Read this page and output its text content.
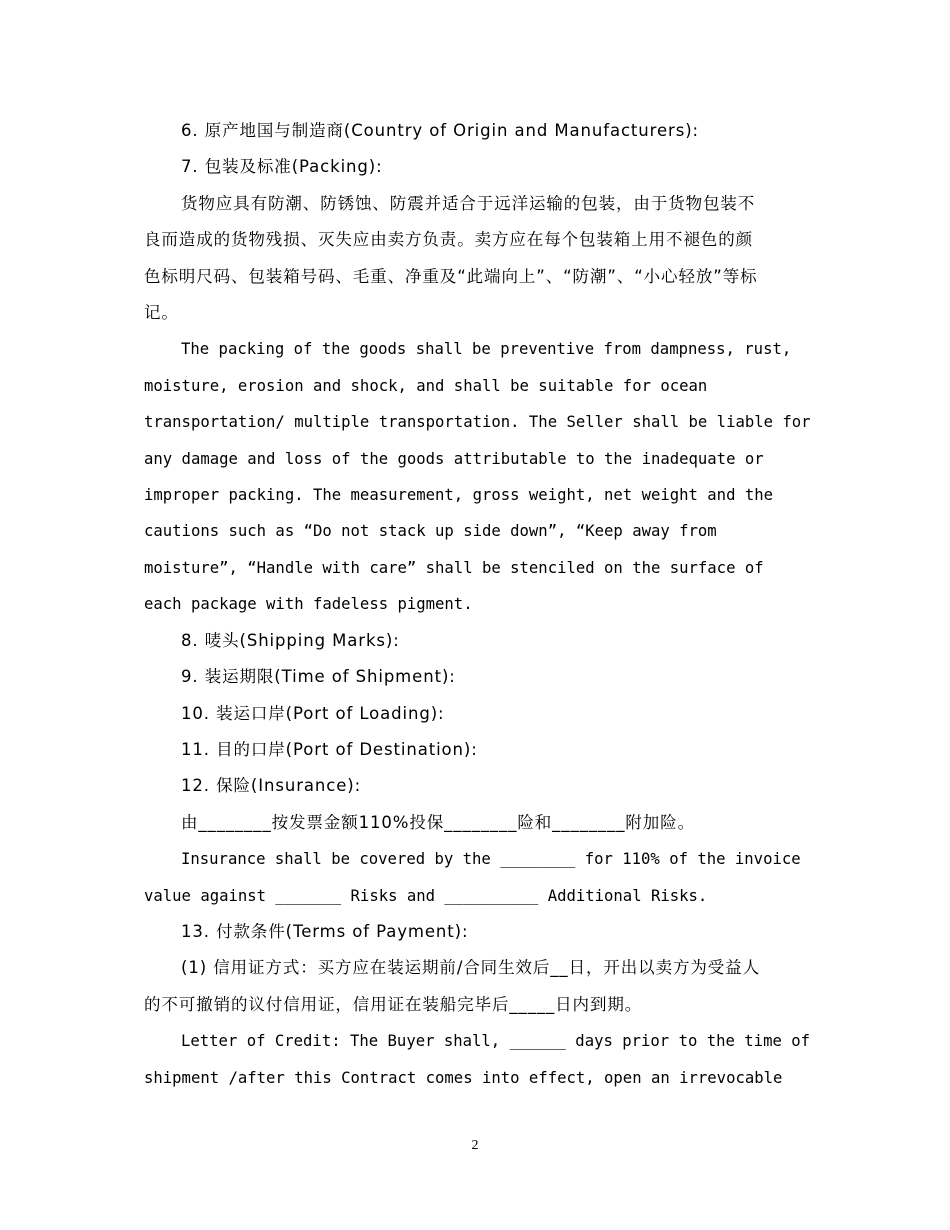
6. 原产地国与制造商(Country of Origin and Manufacturers):

7. 包装及标准(Packing):

货物应具有防潮、防锈蚀、防震并适合于远洋运输的包装，由于货物包装不
良而造成的货物残损、灭失应由卖方负责。卖方应在每个包装箱上用不褪色的颜
色标明尺码、包装箱号码、毛重、净重及“此端向上”、“防潮”、“小心轻放”等标
记。
The packing of the goods shall be preventive from dampness, rust,
moisture, erosion and shock, and shall be suitable for ocean
transportation/ multiple transportation. The Seller shall be liable for
any damage and loss of the goods attributable to the inadequate or
improper packing. The measurement, gross weight, net weight and the
cautions such as “Do not stack up side down”, “Keep away from
moisture”, “Handle with care” shall be stenciled on the surface of
each package with fadeless pigment.

8. 唛头(Shipping Marks):

9. 装运期限(Time of Shipment):

10. 装运口岸(Port of Loading):

11. 目的口岸(Port of Destination):

12. 保险(Insurance):

由________按发票金额110%投保________险和________附加险。

Insurance shall be covered by the ________ for 110% of the invoice
value against _______ Risks and __________ Additional Risks.

13. 付款条件(Terms of Payment):

(1) 信用证方式：买方应在装运期前/合同生效后__日，开出以卖方为受益人
的不可撤销的议付信用证，信用证在装船完毕后_____日内到期。
Letter of Credit: The Buyer shall, ______ days prior to the time of
shipment /after this Contract comes into effect, open an irrevocable
2
